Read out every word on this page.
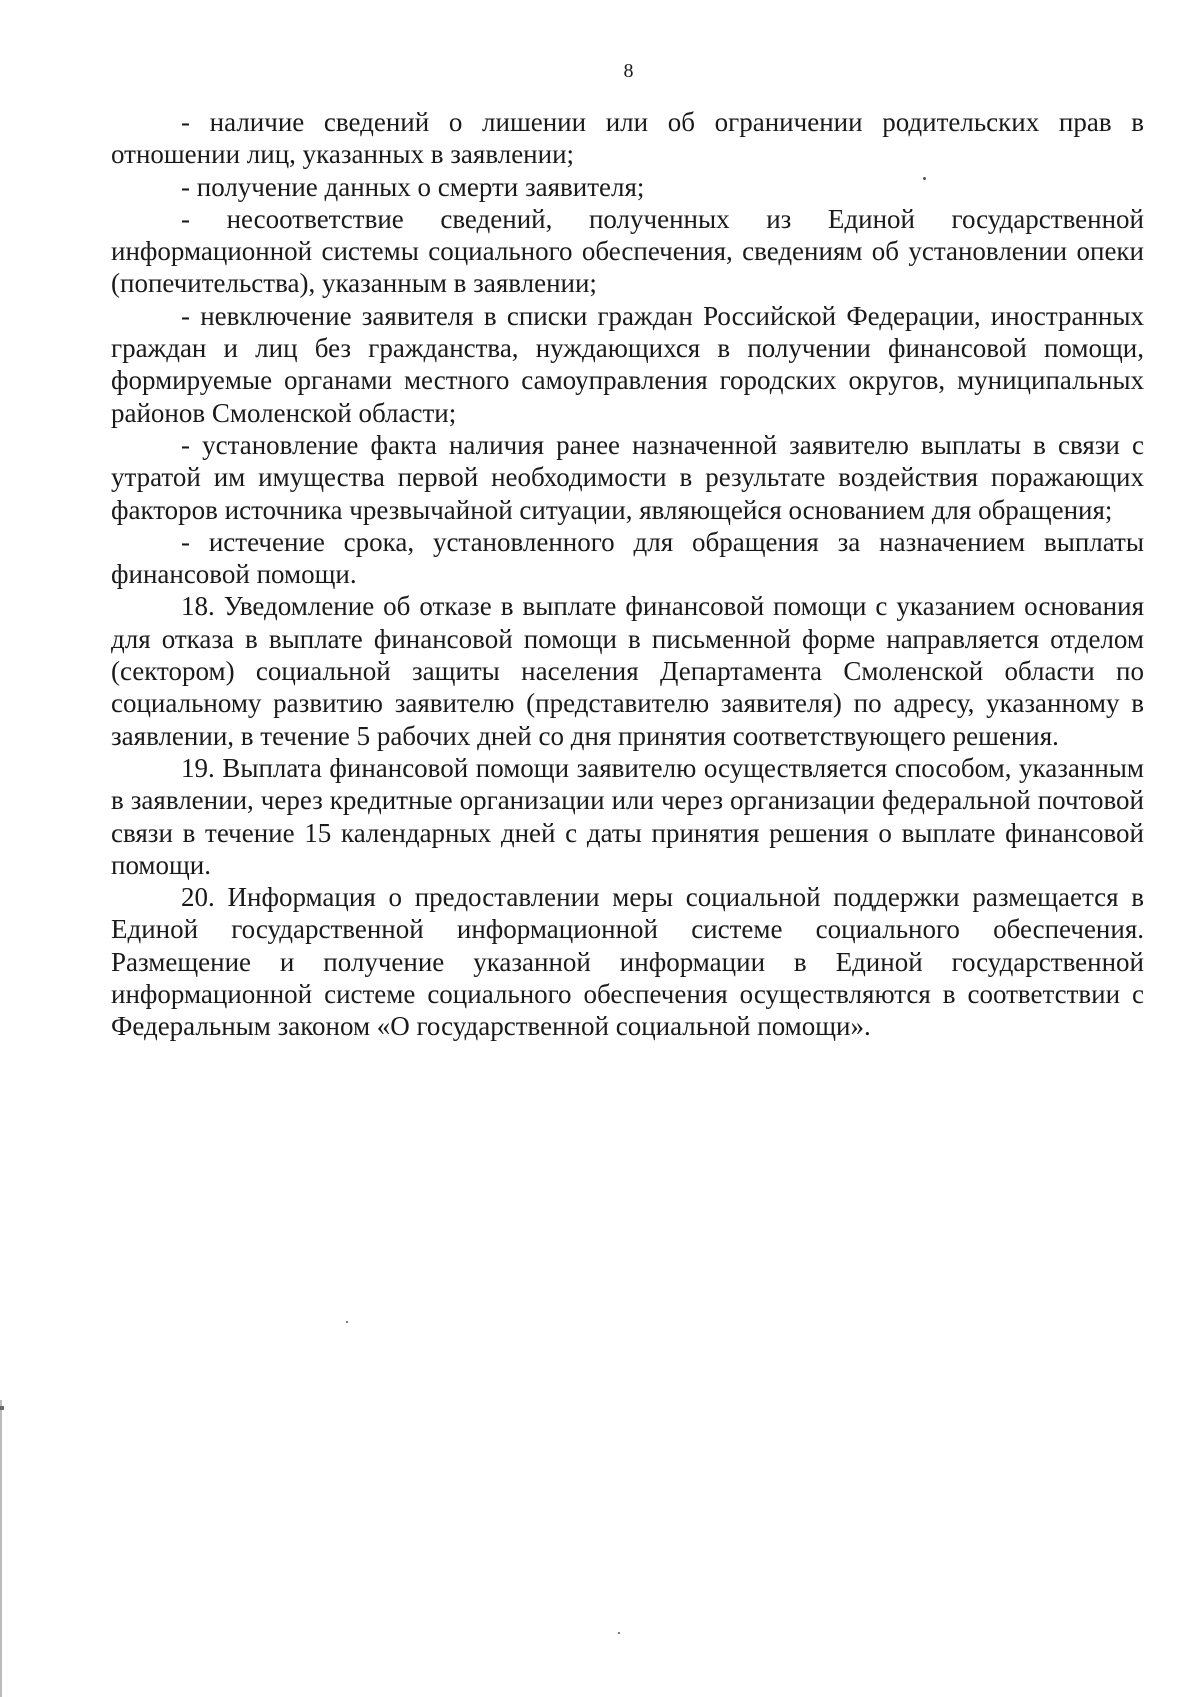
8

- наличие сведений о лишении или об ограничении родительских прав в отношении лиц, указанных в заявлении;

- получение данных о смерти заявителя;

- несоответствие сведений, полученных из Единой государственной информационной системы социального обеспечения, сведениям об установлении опеки (попечительства), указанным в заявлении;

- невключение заявителя в списки граждан Российской Федерации, иностранных граждан и лиц без гражданства, нуждающихся в получении финансовой помощи, формируемые органами местного самоуправления городских округов, муниципальных районов Смоленской области;

- установление факта наличия ранее назначенной заявителю выплаты в связи с утратой им имущества первой необходимости в результате воздействия поражающих факторов источника чрезвычайной ситуации, являющейся основанием для обращения;

- истечение срока, установленного для обращения за назначением выплаты финансовой помощи.

18. Уведомление об отказе в выплате финансовой помощи с указанием основания для отказа в выплате финансовой помощи в письменной форме направляется отделом (сектором) социальной защиты населения Департамента Смоленской области по социальному развитию заявителю (представителю заявителя) по адресу, указанному в заявлении, в течение 5 рабочих дней со дня принятия соответствующего решения.

19. Выплата финансовой помощи заявителю осуществляется способом, указанным в заявлении, через кредитные организации или через организации федеральной почтовой связи в течение 15 календарных дней с даты принятия решения о выплате финансовой помощи.

20. Информация о предоставлении меры социальной поддержки размещается в Единой государственной информационной системе социального обеспечения. Размещение и получение указанной информации в Единой государственной информационной системе социального обеспечения осуществляются в соответствии с Федеральным законом «О государственной социальной помощи».
